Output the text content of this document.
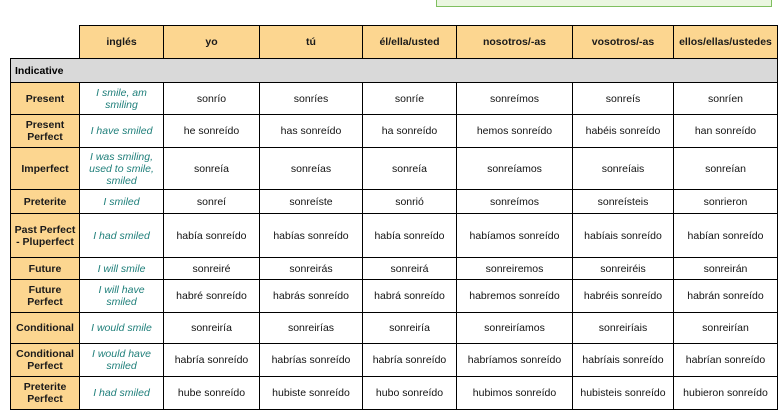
	inglés	yo	tú	él/ella/usted	nosotros/-as	vosotros/-as	ellos/ellas/ustedes
Indicative							
Present	I smile, am smiling	sonrío	sonríes	sonríe	sonreímos	sonreís	sonríen
Present Perfect	I have smiled	he sonreído	has sonreído	ha sonreído	hemos sonreído	habéis sonreído	han sonreído
Imperfect	I was smiling, used to smile, smiled	sonreía	sonreías	sonreía	sonreíamos	sonreíais	sonreían
Preterite	I smiled	sonreí	sonreíste	sonrió	sonreímos	sonreísteis	sonrieron
Past Perfect - Pluperfect	I had smiled	había sonreído	habías sonreído	había sonreído	habíamos sonreído	habíais sonreído	habían sonreído
Future	I will smile	sonreiré	sonreirás	sonreirá	sonreiremos	sonreiréis	sonreirán
Future Perfect	I will have smiled	habré sonreído	habrás sonreído	habrá sonreído	habremos sonreído	habréis sonreído	habrán sonreído
Conditional	I would smile	sonreiría	sonreirías	sonreiría	sonreiríamos	sonreiríais	sonreirían
Conditional Perfect	I would have smiled	habría sonreído	habrías sonreído	habría sonreído	habríamos sonreído	habríais sonreído	habrían sonreído
Preterite Perfect	I had smiled	hube sonreído	hubiste sonreído	hubo sonreído	hubimos sonreído	hubisteis sonreído	hubieron sonreído
